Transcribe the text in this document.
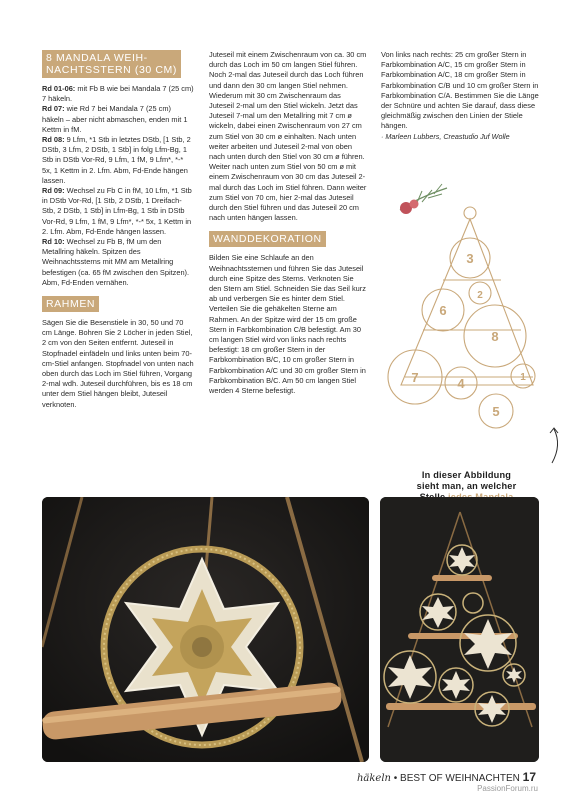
8 MANDALA WEIH-
NACHTSSTERN (30 CM)

Rd 01-06: mit Fb B wie bei Mandala 7 (25 cm) 7 häkeln.

Rd 07: wie Rd 7 bei Mandala 7 (25 cm) häkeln – aber nicht abmaschen, enden mit 1 Kettm in fM.

Rd 08: 9 Lfm, *1 Stb in letztes DStb, [1 Stb, 2 DStb, 3 Lfm, 2 DStb, 1 Stb] in folg Lfm-Bg, 1 Stb in DStb Vor-Rd, 9 Lfm, 1 fM, 9 Lfm*, *-* 5x, 1 Kettm in 2. Lfm. Abm, Fd-Ende hängen lassen.

Rd 09: Wechsel zu Fb C in fM, 10 Lfm, *1 Stb in DStb Vor-Rd, [1 Stb, 2 DStb, 1 Dreifach-Stb, 2 DStb, 1 Stb] in Lfm-Bg, 1 Stb in DStb Vor-Rd, 9 Lfm, 1 fM, 9 Lfm*, *-* 5x, 1 Kettm in 2. Lfm. Abm, Fd-Ende hängen lassen.

Rd 10: Wechsel zu Fb B, fM um den Metallring häkeln. Spitzen des Weihnachtssterns mit MM am Metallring befestigen (ca. 65 fM zwischen den Spitzen). Abm, Fd-Enden vernähen.

RAHMEN

Sägen Sie die Besenstiele in 30, 50 und 70 cm Länge. Bohren Sie 2 Löcher in jeden Stiel, 2 cm von den Seiten entfernt. Juteseil in Stopfnadel einfädeln und links unten beim 70-cm-Stiel anfangen. Stopfnadel von unten nach oben durch das Loch im Stiel führen, Vorgang 2-mal wdh. Juteseil durchführen, bis es 18 cm unter dem Stiel hängen bleibt, Juteseil verknoten.

Juteseil mit einem Zwischenraum von ca. 30 cm durch das Loch im 50 cm langen Stiel führen. Noch 2-mal das Juteseil durch das Loch führen und dann den 30 cm langen Stiel nehmen. Wiederum mit 30 cm Zwischenraum das Juteseil 2-mal um den Stiel wickeln. Jetzt das Juteseil 7-mal um den Metallring mit 7 cm ø wickeln, dabei einen Zwischenraum von 27 cm zum Stiel von 30 cm ø einhalten. Nach unten weiter arbeiten und Juteseil 2-mal von oben nach unten durch den Stiel von 30 cm ø führen. Weiter nach unten zum Stiel von 50 cm ø mit einem Zwischenraum von 30 cm das Juteseil 2-mal durch das Loch im Stiel führen. Dann weiter zum Stiel von 70 cm, hier 2-mal das Juteseil durch den Stiel führen und das Juteseil 20 cm nach unten hängen lassen.

WANDDEKORATION

Bilden Sie eine Schlaufe an den Weihnachtssternen und führen Sie das Juteseil durch eine Spitze des Sterns. Verknoten Sie den Stern am Stiel. Schneiden Sie das Seil kurz ab und verbergen Sie es hinter dem Stiel. Verteilen Sie die gehäkelten Sterne am Rahmen. An der Spitze wird der 15 cm große Stern in Farbkombination C/B befestigt. Am 30 cm langen Stiel wird von links nach rechts befestigt: 18 cm großer Stern in der Farbkombination B/C, 10 cm großer Stern in Farbkombination A/C und 30 cm großer Stern in Farbkombination B/C. Am 50 cm langen Stiel werden 4 Sterne befestigt.

Von links nach rechts: 25 cm großer Stern in Farbkombination A/C, 15 cm großer Stern in Farbkombination A/C, 18 cm großer Stern in Farbkombination C/B und 10 cm großer Stern in Farbkombination C/A. Bestimmen Sie die Länge der Schnüre und achten Sie darauf, dass diese gleichmäßig zwischen den Linien der Stiele hängen.

· Marleen Lubbers, Creastudio Juf Wolle

3
2
6
8
7	4	1
5
In dieser Abbildung
sieht man, an welcher
häkeln • BEST OF WEIHNACHTEN 17
PassionForum.ru
